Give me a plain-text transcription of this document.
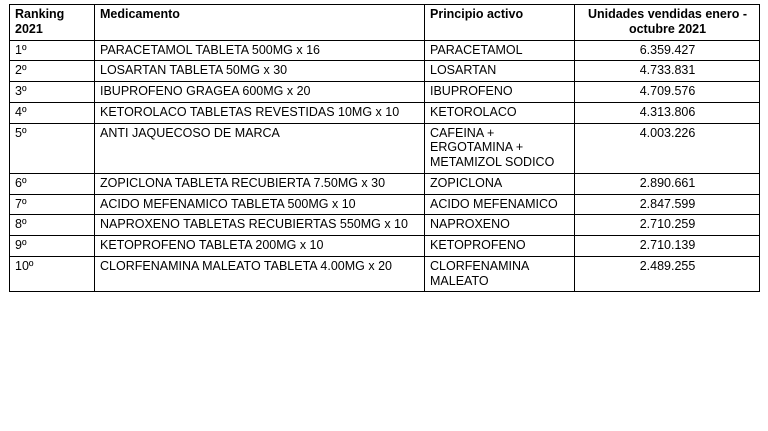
Ranking 2021	Medicamento	Principio activo	Unidades vendidas enero - octubre 2021
1º	PARACETAMOL TABLETA 500MG x 16	PARACETAMOL	6.359.427
2º	LOSARTAN TABLETA 50MG x 30	LOSARTAN	4.733.831
3º	IBUPROFENO GRAGEA 600MG x 20	IBUPROFENO	4.709.576
4º	KETOROLACO TABLETAS REVESTIDAS 10MG x 10	KETOROLACO	4.313.806
5º	ANTI JAQUECOSO DE MARCA	CAFEINA + ERGOTAMINA + METAMIZOL SODICO	4.003.226
6º	ZOPICLONA TABLETA RECUBIERTA 7.50MG x 30	ZOPICLONA	2.890.661
7º	ACIDO MEFENAMICO TABLETA 500MG x 10	ACIDO MEFENAMICO	2.847.599
8º	NAPROXENO TABLETAS RECUBIERTAS 550MG x 10	NAPROXENO	2.710.259
9º	KETOPROFENO TABLETA 200MG x 10	KETOPROFENO	2.710.139
10º	CLORFENAMINA MALEATO TABLETA 4.00MG x 20	CLORFENAMINA MALEATO	2.489.255
